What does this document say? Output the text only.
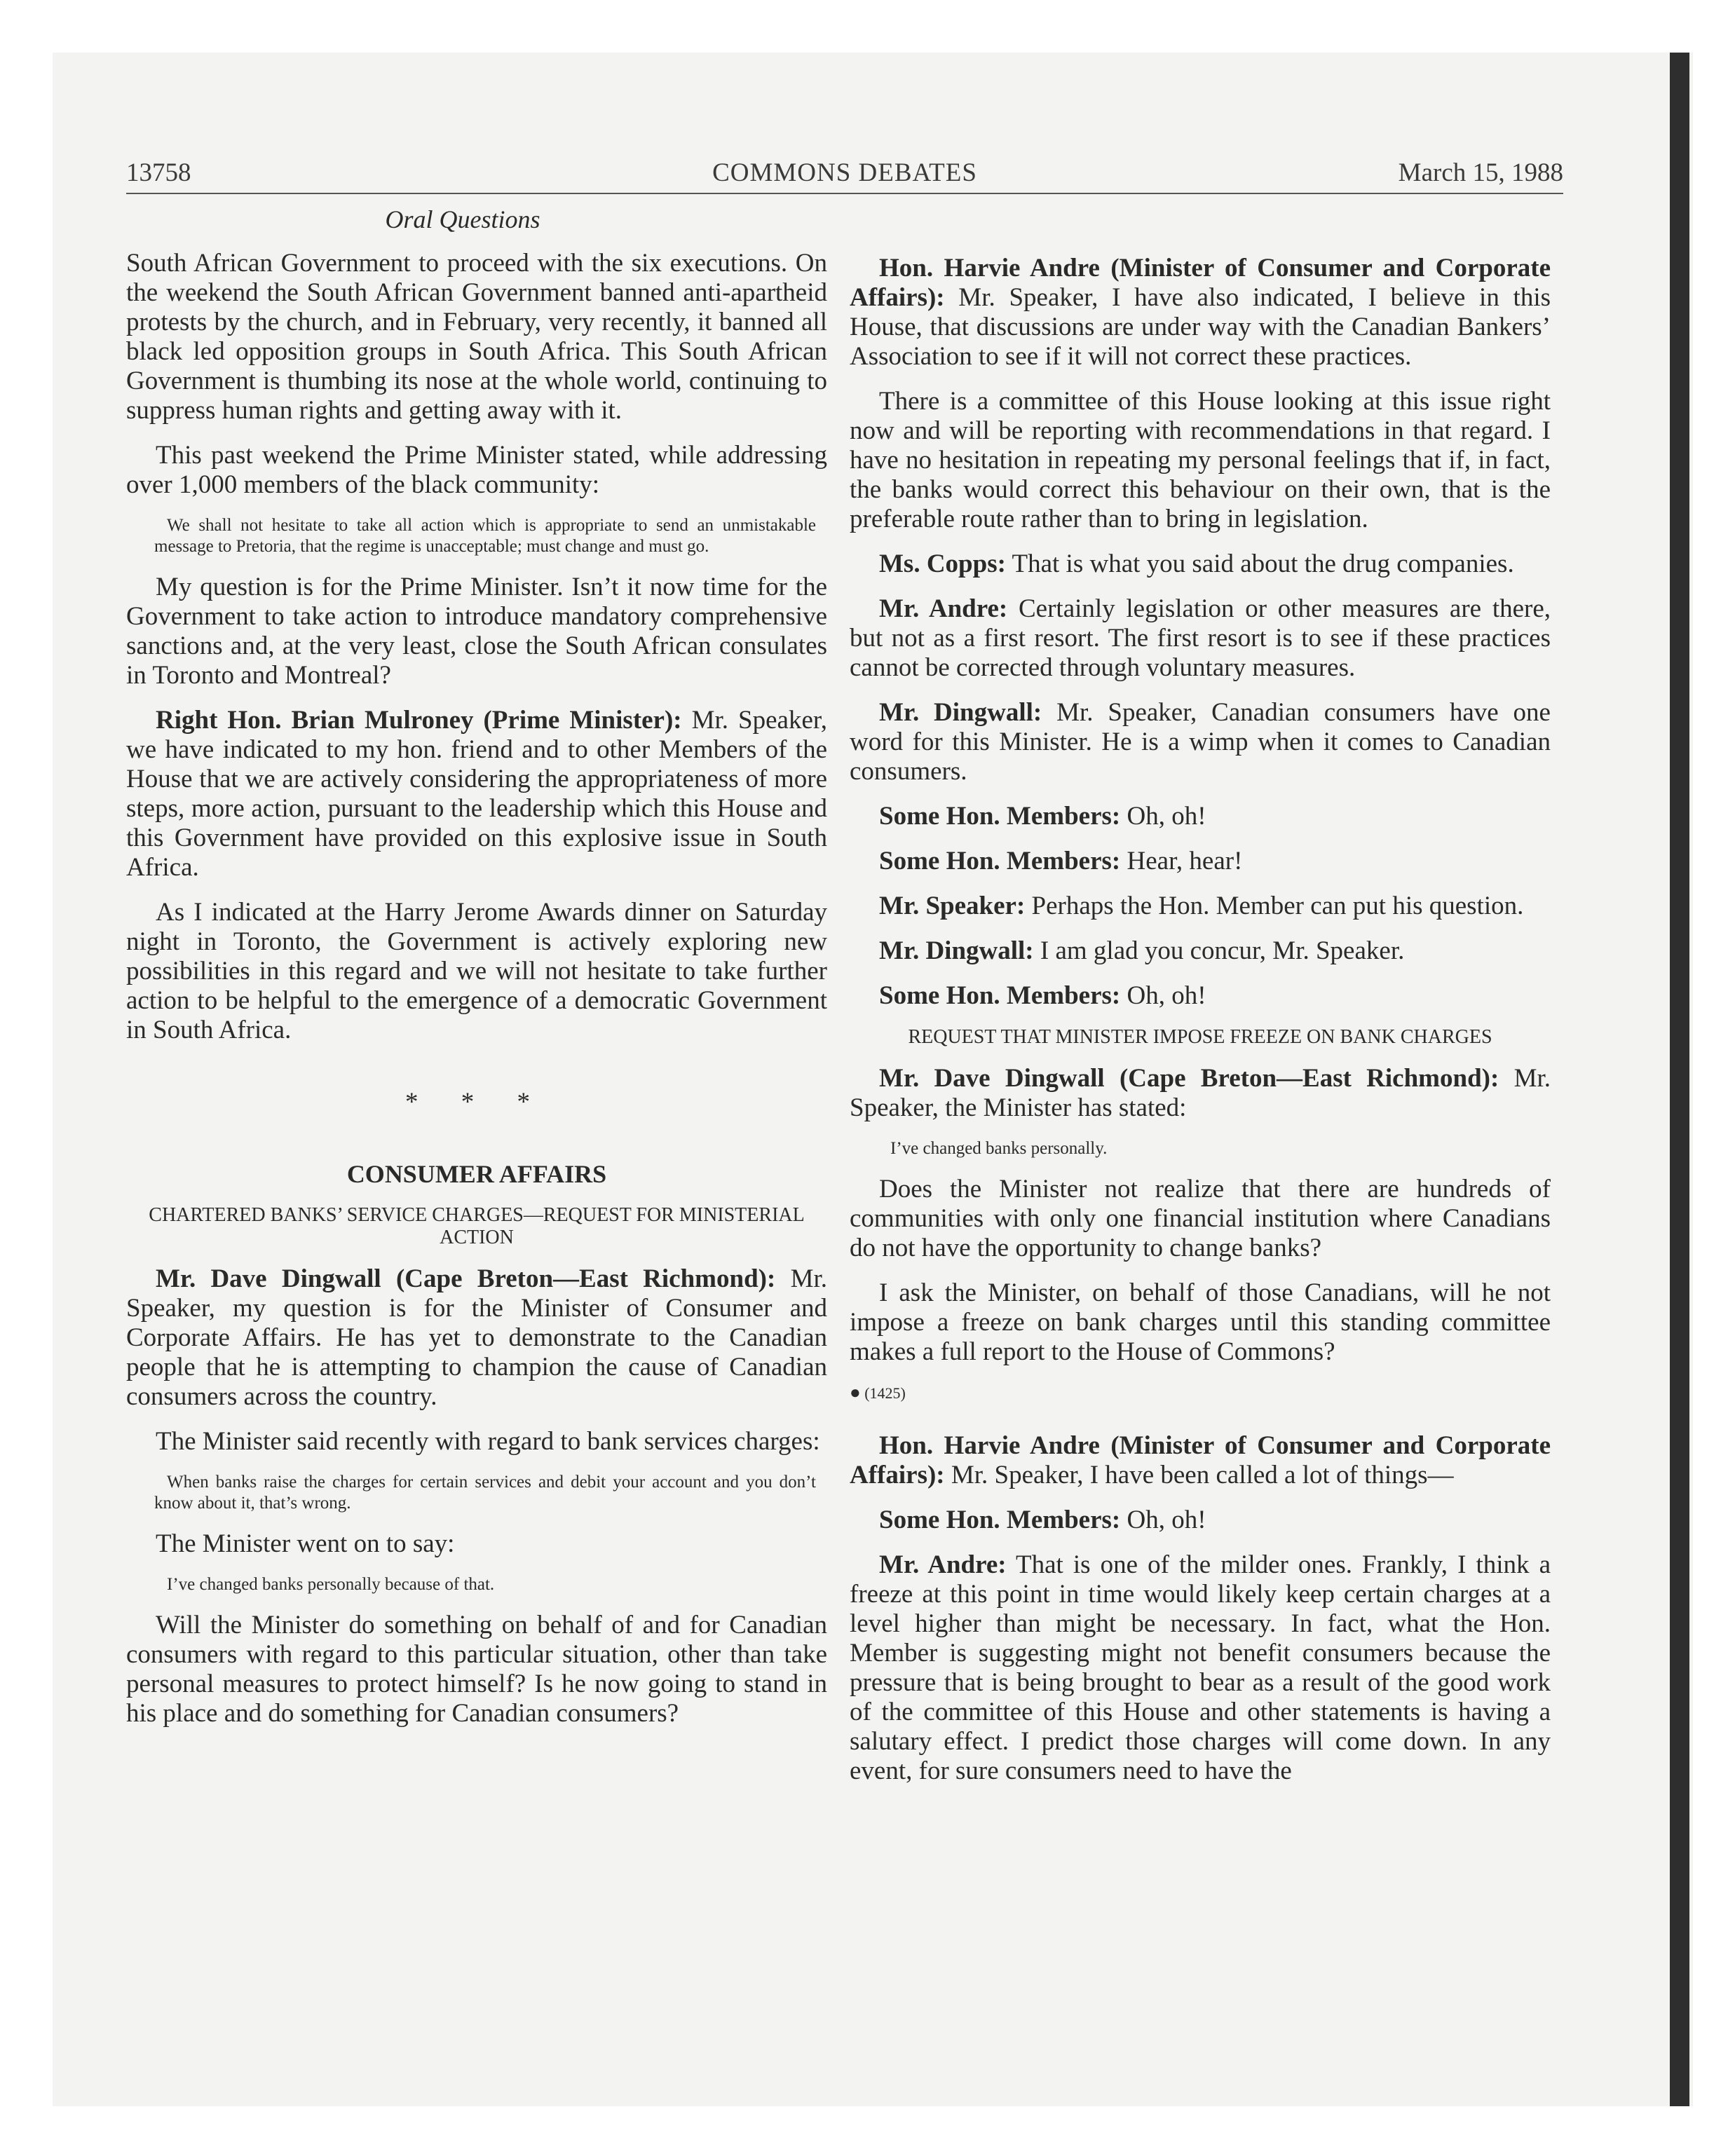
13758	COMMONS DEBATES	March 15, 1988
Oral Questions

South African Government to proceed with the six executions. On the weekend the South African Government banned anti-apartheid protests by the church, and in February, very recently, it banned all black led opposition groups in South Africa. This South African Government is thumbing its nose at the whole world, continuing to suppress human rights and getting away with it.

This past weekend the Prime Minister stated, while addressing over 1,000 members of the black community:

We shall not hesitate to take all action which is appropriate to send an unmistakable message to Pretoria, that the regime is unacceptable; must change and must go.

My question is for the Prime Minister. Isn’t it now time for the Government to take action to introduce mandatory comprehensive sanctions and, at the very least, close the South African consulates in Toronto and Montreal?

Right Hon. Brian Mulroney (Prime Minister): Mr. Speaker, we have indicated to my hon. friend and to other Members of the House that we are actively considering the appropriateness of more steps, more action, pursuant to the leadership which this House and this Government have provided on this explosive issue in South Africa.

As I indicated at the Harry Jerome Awards dinner on Saturday night in Toronto, the Government is actively exploring new possibilities in this regard and we will not hesitate to take further action to be helpful to the emergence of a democratic Government in South Africa.

* * *
CONSUMER AFFAIRS
CHARTERED BANKS’ SERVICE CHARGES—REQUEST FOR MINISTERIAL ACTION

Mr. Dave Dingwall (Cape Breton—East Richmond): Mr. Speaker, my question is for the Minister of Consumer and Corporate Affairs. He has yet to demonstrate to the Canadian people that he is attempting to champion the cause of Canadian consumers across the country.

The Minister said recently with regard to bank services charges:

When banks raise the charges for certain services and debit your account and you don’t know about it, that’s wrong.

The Minister went on to say:

I’ve changed banks personally because of that.

Will the Minister do something on behalf of and for Canadian consumers with regard to this particular situation, other than take personal measures to protect himself? Is he now going to stand in his place and do something for Canadian consumers?

Hon. Harvie Andre (Minister of Consumer and Corporate Affairs): Mr. Speaker, I have also indicated, I believe in this House, that discussions are under way with the Canadian Bankers’ Association to see if it will not correct these practices.

There is a committee of this House looking at this issue right now and will be reporting with recommendations in that regard. I have no hesitation in repeating my personal feelings that if, in fact, the banks would correct this behaviour on their own, that is the preferable route rather than to bring in legislation.

Ms. Copps: That is what you said about the drug companies.

Mr. Andre: Certainly legislation or other measures are there, but not as a first resort. The first resort is to see if these practices cannot be corrected through voluntary measures.

Mr. Dingwall: Mr. Speaker, Canadian consumers have one word for this Minister. He is a wimp when it comes to Canadian consumers.

Some Hon. Members: Oh, oh!

Some Hon. Members: Hear, hear!

Mr. Speaker: Perhaps the Hon. Member can put his question.

Mr. Dingwall: I am glad you concur, Mr. Speaker.

Some Hon. Members: Oh, oh!

REQUEST THAT MINISTER IMPOSE FREEZE ON BANK CHARGES

Mr. Dave Dingwall (Cape Breton—East Richmond): Mr. Speaker, the Minister has stated:

I’ve changed banks personally.

Does the Minister not realize that there are hundreds of communities with only one financial institution where Canadians do not have the opportunity to change banks?

I ask the Minister, on behalf of those Canadians, will he not impose a freeze on bank charges until this standing committee makes a full report to the House of Commons?

● (1425)

Hon. Harvie Andre (Minister of Consumer and Corporate Affairs): Mr. Speaker, I have been called a lot of things—

Some Hon. Members: Oh, oh!

Mr. Andre: That is one of the milder ones. Frankly, I think a freeze at this point in time would likely keep certain charges at a level higher than might be necessary. In fact, what the Hon. Member is suggesting might not benefit consumers because the pressure that is being brought to bear as a result of the good work of the committee of this House and other statements is having a salutary effect. I predict those charges will come down. In any event, for sure consumers need to have the
